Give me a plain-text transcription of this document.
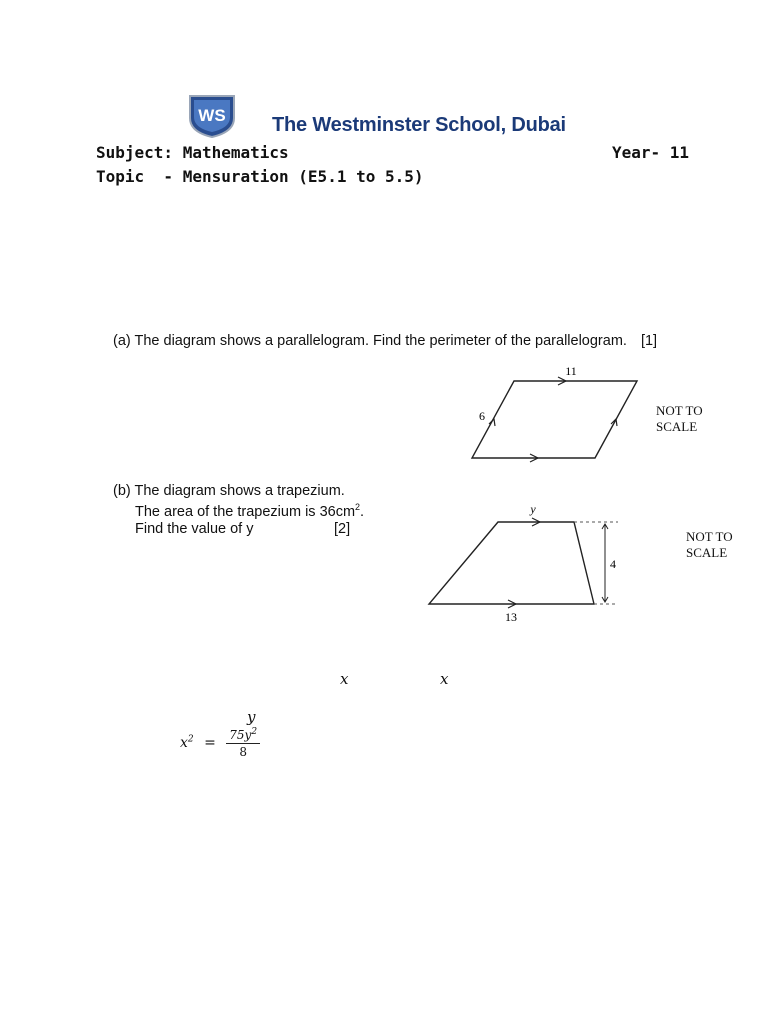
WS The Westminster School, Dubai
Subject: Mathematics	Year- 11
Topic  - Mensuration (E5.1 to 5.5)
(a) The diagram shows a parallelogram. Find the perimeter of the parallelogram. [1]
11
6	NOT TO
SCALE
(b) The diagram shows a trapezium.
The area of the trapezium is $36cm^2$.
Find the value of y	[2]
y
4
13
NOT TO
SCALE
x	x
y
$x^2 = \frac{75y^2}{8}$
